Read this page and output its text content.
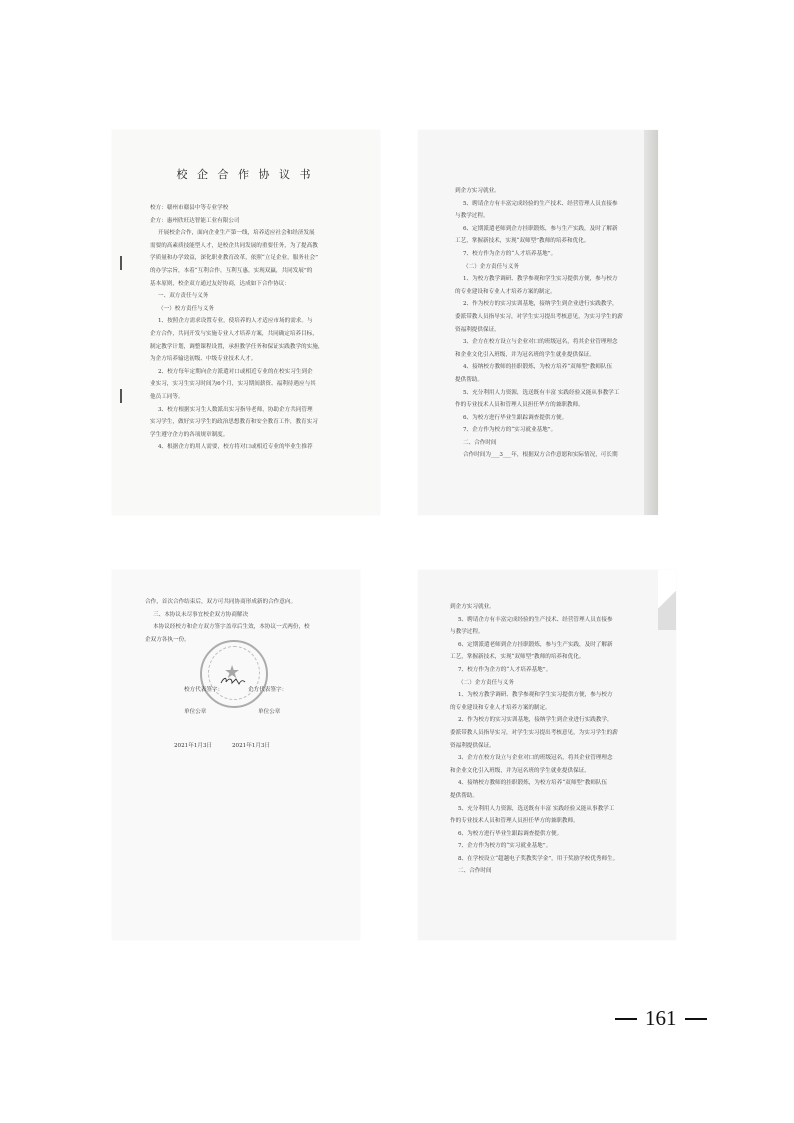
校 企 合 作 协 议 书

校方：赣州市赣县中等专业学校

企方：惠州欣旺达智能工业有限公司

开展校企合作，面向企业生产第一线，培养适应社会和经济发展

需要的高素质技能型人才，是校企共同发展的重要任务，为了提高教

学质量和办学效益，深化职业教育改革，依照“立足企业，服务社会”

的办学宗旨，本着“互利合作，互利互惠，实现双赢，共同发展”的

基本原则，校企双方通过友好协商，达成如下合作协议：

一、双方责任与义务

（一）校方责任与义务

1、按照企方需求设置专业，使培养的人才适应市场的需求。与

企方合作，共同开发与实施专业人才培养方案，共同确定培养目标，

制定教学计划，调整课程设置，承担教学任务和保证实践教学的实施，

为企方培养输送初级、中级专业技术人才。

2、校方每年定期向企方派遣对口或相近专业的在校实习生到企

业实习，实习生实习时间为6个月，实习期间薪资、福利待遇应与其

他员工同等。

3、校方根据实习生人数派出实习指导老师，协助企方共同管理

实习学生，做好实习学生的政治思想教育和安全教育工作，教育实习

学生遵守企方的各项规章制度。

4、根据企方的用人需要，校方将对口或相近专业的毕业生推荐

到企方实习就业。

5、聘请企方有丰富完成经验的生产技术、经营管理人员直接参

与教学过程。

6、定期派遣老师到企方挂职锻炼，参与生产实践，及时了解新

工艺，掌握新技术，实现“双师型”教师的培养和优化。

7、校方作为企方的“人才培养基地”。

（二）企方责任与义务

1、为校方教学调研、教学参观和学生实习提供方便，参与校方

的专业建设和专业人才培养方案的制定。

2、作为校方的实习实训基地，接纳学生到企业进行实践教学，

委派带教人员指导实习，对学生实习提出考核意见，为实习学生的薪

资福利提供保证。

3、企方在校方设立与企业对口的班级冠名，将其企业管理理念

和企业文化引入班级，并为冠名班的学生就业提供保证。

4、接纳校方教师的挂职锻炼，为校方培养“双师型”教师队伍

提供帮助。

5、充分利用人力资源，选送既有丰富 实践经验又能从事教学工

作的专业技术人员和管理人员担任华方的兼职教师。

6、为校方进行毕业生跟踪调查提供方便。

7、企方作为校方的“实习就业基地”。

二、合作时间

合作时间为___3___年，根据双方合作意愿和实际情况，可长期

合作，首次合作结束后，双方可共同协商形成新的合作意向。

三、本协议未尽事宜校企双方协商解决

本协议经校方和企方双方签字盖章后生效，本协议一式两份，校

企双方各执一份。

★
校方代表签字：	企方代表签字：
单位公章	单位公章
2021年1月3日	2021年1月3日

到企方实习就业。

5、聘请企方有丰富完成经验的生产技术、经营管理人员直接参

与教学过程。

6、定期派遣老师到企方挂职锻炼，参与生产实践，及时了解新

工艺，掌握新技术，实现“双师型”教师的培养和优化。

7、校方作为企方的“人才培养基地”。

（二）企方责任与义务

1、为校方教学调研、教学参观和学生实习提供方便，参与校方

的专业建设和专业人才培养方案的制定。

2、作为校方的实习实训基地，接纳学生到企业进行实践教学，

委派带教人员指导实习，对学生实习提出考核意见，为实习学生的薪

资福利提供保证。

3、企方在校方设立与企业对口的班级冠名，将其企业管理理念

和企业文化引入班级，并为冠名班的学生就业提供保证。

4、接纳校方教师的挂职锻炼，为校方培养“双师型”教师队伍

提供帮助。

5、充分利用人力资源，选送既有丰富 实践经验又能从事教学工

作的专业技术人员和管理人员担任华方的兼职教师。

6、为校方进行毕业生跟踪调查提供方便。

7、企方作为校方的“实习就业基地”。

8、在学校设立“超越电子奖教奖学金”，用于奖励学校优秀师生。

二、合作时间

161
